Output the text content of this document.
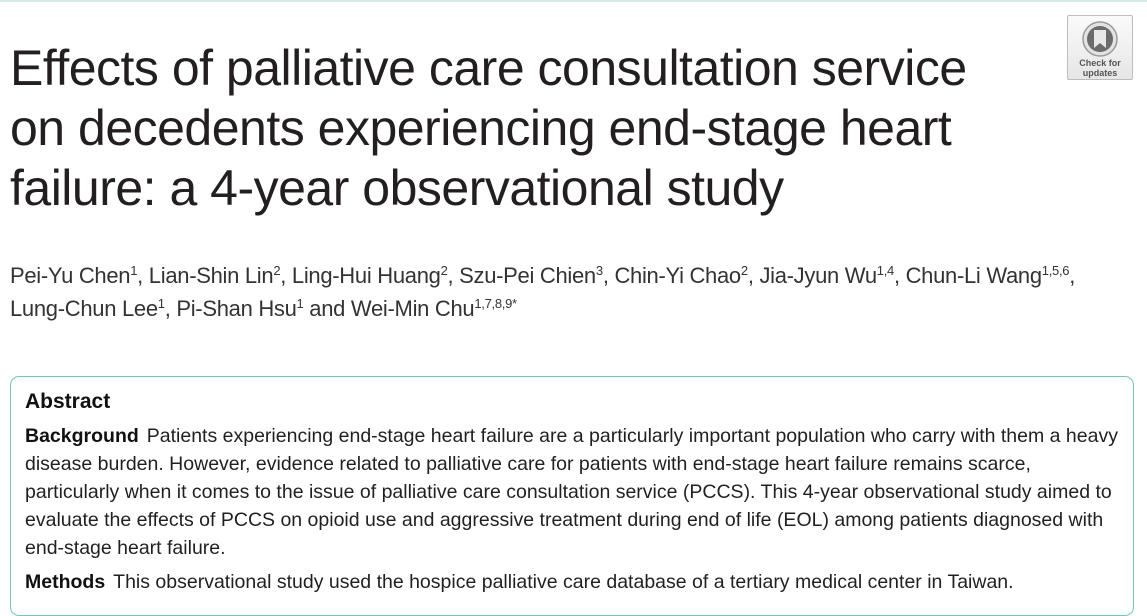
Effects of palliative care consultation service on decedents experiencing end-stage heart failure: a 4-year observational study
Check for
updates

Pei-Yu Chen$^1$, Lian-Shin Lin$^2$, Ling-Hui Huang$^2$, Szu-Pei Chien$^3$, Chin-Yi Chao$^2$, Jia-Jyun Wu$^{1,4}$, Chun-Li Wang$^{1,5,6}$, Lung-Chun Lee$^1$, Pi-Shan Hsu$^1$ and Wei-Min Chu$^{1,7,8,9*}$

Abstract

Background Patients experiencing end-stage heart failure are a particularly important population who carry with them a heavy disease burden. However, evidence related to palliative care for patients with end-stage heart failure remains scarce, particularly when it comes to the issue of palliative care consultation service (PCCS). This 4-year observational study aimed to evaluate the effects of PCCS on opioid use and aggressive treatment during end of life (EOL) among patients diagnosed with end-stage heart failure.

Methods This observational study used the hospice palliative care database of a tertiary medical center in Taiwan.
